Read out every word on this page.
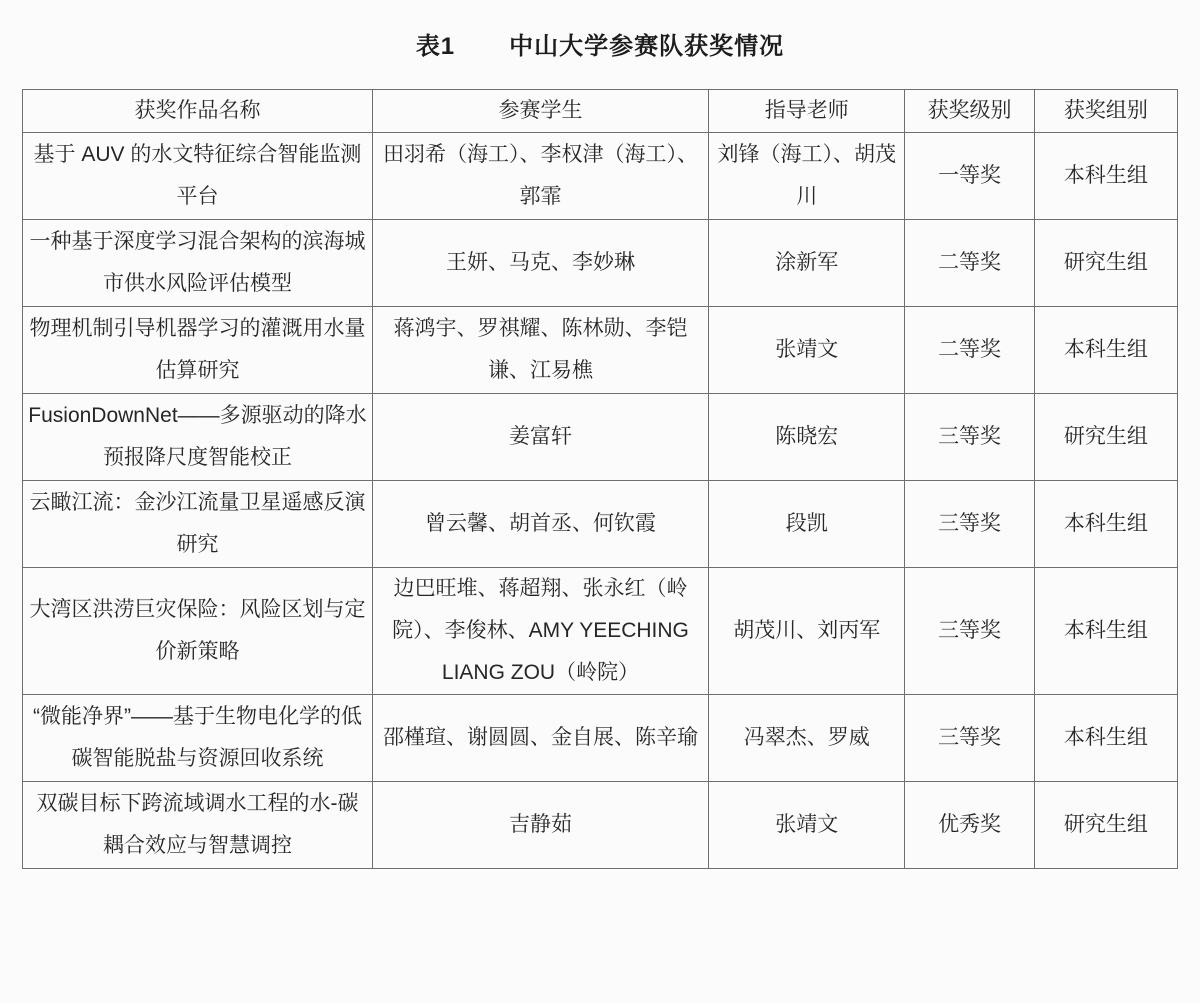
表1 中山大学参赛队获奖情况
获奖作品名称	参赛学生	指导老师	获奖级别	获奖组别
基于 AUV 的水文特征综合智能监测平台	田羽希（海工）、李权津（海工）、郭霏	刘锋（海工）、胡茂川	一等奖	本科生组
一种基于深度学习混合架构的滨海城市供水风险评估模型	王妍、马克、李妙琳	涂新军	二等奖	研究生组
物理机制引导机器学习的灌溉用水量估算研究	蒋鸿宇、罗祺耀、陈林勋、李铠谦、江易樵	张靖文	二等奖	本科生组
FusionDownNet——多源驱动的降水预报降尺度智能校正	姜富轩	陈晓宏	三等奖	研究生组
云瞰江流：金沙江流量卫星遥感反演研究	曾云馨、胡首丞、何钦霞	段凯	三等奖	本科生组
大湾区洪涝巨灾保险：风险区划与定价新策略	边巴旺堆、蒋超翔、张永红（岭院）、李俊林、AMY YEECHING LIANG ZOU（岭院）	胡茂川、刘丙军	三等奖	本科生组
“微能净界”——基于生物电化学的低碳智能脱盐与资源回收系统	邵槿瑄、谢圆圆、金自展、陈辛瑜	冯翠杰、罗威	三等奖	本科生组
双碳目标下跨流域调水工程的水-碳耦合效应与智慧调控	吉静茹	张靖文	优秀奖	研究生组
